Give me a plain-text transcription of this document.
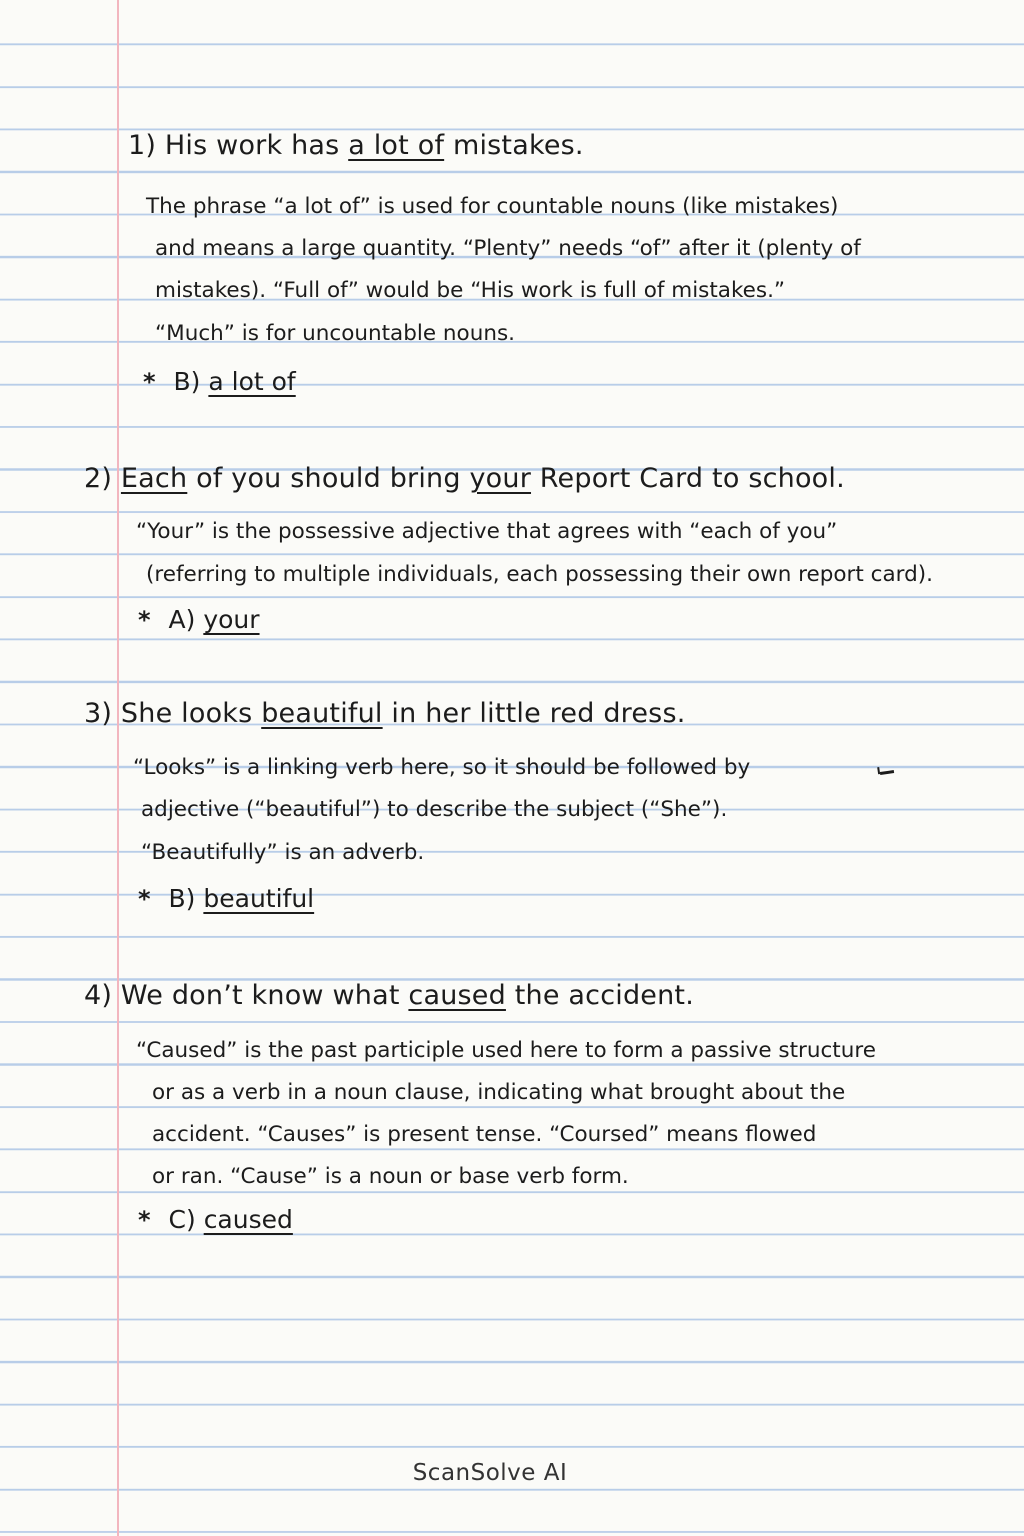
1) His work has a lot of mistakes.

The phrase “a lot of” is used for countable nouns (like mistakes)

and means a large quantity. “Plenty” needs “of” after it (plenty of

mistakes). “Full of” would be “His work is full of mistakes.”

“Much” is for uncountable nouns.

* B) a lot of

2) Each of you should bring your Report Card to school.

“Your” is the possessive adjective that agrees with “each of you”

(referring to multiple individuals, each possessing their own report card).

* A) your

3) She looks beautiful in her little red dress.

“Looks” is a linking verb here, so it should be followed by

adjective (“beautiful”) to describe the subject (“She”).

“Beautifully” is an adverb.

* B) beautiful

4) We don’t know what caused the accident.

“Caused” is the past participle used here to form a passive structure

or as a verb in a noun clause, indicating what brought about the

accident. “Causes” is present tense. “Coursed” means flowed

or ran. “Cause” is a noun or base verb form.

* C) caused

ScanSolve AI
